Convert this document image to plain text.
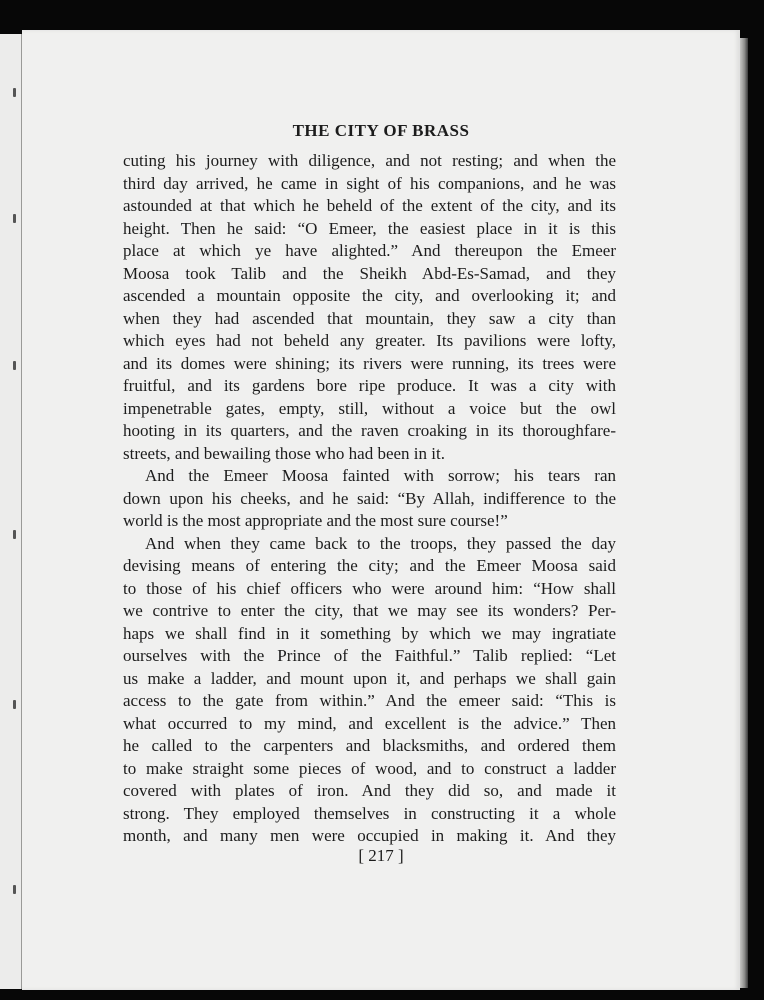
THE CITY OF BRASS
cuting his journey with diligence, and not resting; and when the
third day arrived, he came in sight of his companions, and he was
astounded at that which he beheld of the extent of the city, and its
height. Then he said: “O Emeer, the easiest place in it is this
place at which ye have alighted.” And thereupon the Emeer
Moosa took Talib and the Sheikh Abd-Es-Samad, and they
ascended a mountain opposite the city, and overlooking it; and
when they had ascended that mountain, they saw a city than
which eyes had not beheld any greater. Its pavilions were lofty,
and its domes were shining; its rivers were running, its trees were
fruitful, and its gardens bore ripe produce. It was a city with
impenetrable gates, empty, still, without a voice but the owl
hooting in its quarters, and the raven croaking in its thoroughfare-
streets, and bewailing those who had been in it.
And the Emeer Moosa fainted with sorrow; his tears ran
down upon his cheeks, and he said: “By Allah, indifference to the
world is the most appropriate and the most sure course!”
And when they came back to the troops, they passed the day
devising means of entering the city; and the Emeer Moosa said
to those of his chief officers who were around him: “How shall
we contrive to enter the city, that we may see its wonders? Per-
haps we shall find in it something by which we may ingratiate
ourselves with the Prince of the Faithful.” Talib replied: “Let
us make a ladder, and mount upon it, and perhaps we shall gain
access to the gate from within.” And the emeer said: “This is
what occurred to my mind, and excellent is the advice.” Then
he called to the carpenters and blacksmiths, and ordered them
to make straight some pieces of wood, and to construct a ladder
covered with plates of iron. And they did so, and made it
strong. They employed themselves in constructing it a whole
month, and many men were occupied in making it. And they

[ 217 ]
